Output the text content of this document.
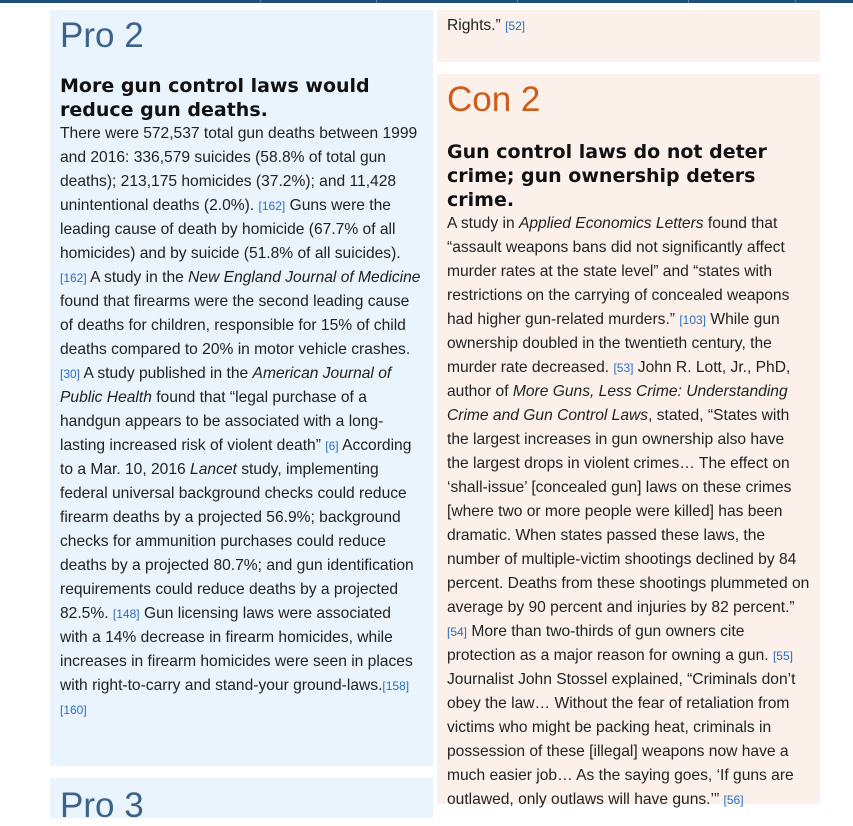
Rights.” [52]

Pro 2
More gun control laws would reduce gun deaths.

There were 572,537 total gun deaths between 1999 and 2016: 336,579 suicides (58.8% of total gun deaths); 213,175 homicides (37.2%); and 11,428 unintentional deaths (2.0%). [162] Guns were the leading cause of death by homicide (67.7% of all homicides) and by suicide (51.8% of all suicides). [162] A study in the New England Journal of Medicine found that firearms were the second leading cause of deaths for children, responsible for 15% of child deaths compared to 20% in motor vehicle crashes. [30] A study published in the American Journal of Public Health found that “legal purchase of a handgun appears to be associated with a long-lasting increased risk of violent death” [6] According to a Mar. 10, 2016 Lancet study, implementing federal universal background checks could reduce firearm deaths by a projected 56.9%; background checks for ammunition purchases could reduce deaths by a projected 80.7%; and gun identification requirements could reduce deaths by a projected 82.5%. [148] Gun licensing laws were associated with a 14% decrease in firearm homicides, while increases in firearm homicides were seen in places with right-to-carry and stand-your ground-laws.[158][160]

Pro 3
Con 2
Gun control laws do not deter crime; gun ownership deters crime.

A study in Applied Economics Letters found that “assault weapons bans did not significantly affect murder rates at the state level” and “states with restrictions on the carrying of concealed weapons had higher gun-related murders.” [103] While gun ownership doubled in the twentieth century, the murder rate decreased. [53] John R. Lott, Jr., PhD, author of More Guns, Less Crime: Understanding Crime and Gun Control Laws, stated, “States with the largest increases in gun ownership also have the largest drops in violent crimes… The effect on ‘shall-issue’ [concealed gun] laws on these crimes [where two or more people were killed] has been dramatic. When states passed these laws, the number of multiple-victim shootings declined by 84 percent. Deaths from these shootings plummeted on average by 90 percent and injuries by 82 percent.” [54] More than two-thirds of gun owners cite protection as a major reason for owning a gun. [55] Journalist John Stossel explained, “Criminals don’t obey the law… Without the fear of retaliation from victims who might be packing heat, criminals in possession of these [illegal] weapons now have a much easier job… As the saying goes, ‘If guns are outlawed, only outlaws will have guns.’” [56]
